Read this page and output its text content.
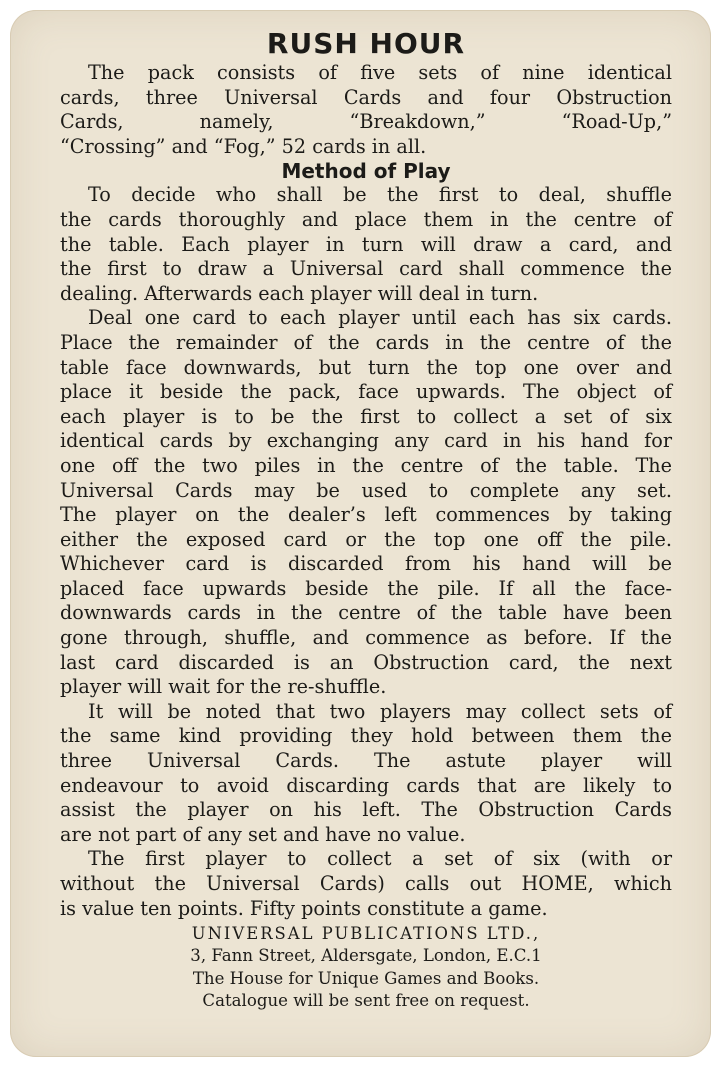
RUSH HOUR

The pack consists of five sets of nine identical
cards, three Universal Cards and four Obstruction
Cards, namely, “Breakdown,” “Road-Up,”
“Crossing” and “Fog,” 52 cards in all.

Method of Play

To decide who shall be the first to deal, shuffle
the cards thoroughly and place them in the centre of
the table. Each player in turn will draw a card, and
the first to draw a Universal card shall commence the
dealing. Afterwards each player will deal in turn.

Deal one card to each player until each has six cards.
Place the remainder of the cards in the centre of the
table face downwards, but turn the top one over and
place it beside the pack, face upwards. The object of
each player is to be the first to collect a set of six
identical cards by exchanging any card in his hand for
one off the two piles in the centre of the table. The
Universal Cards may be used to complete any set.
The player on the dealer’s left commences by taking
either the exposed card or the top one off the pile.
Whichever card is discarded from his hand will be
placed face upwards beside the pile. If all the face-
downwards cards in the centre of the table have been
gone through, shuffle, and commence as before. If the
last card discarded is an Obstruction card, the next
player will wait for the re-shuffle.

It will be noted that two players may collect sets of
the same kind providing they hold between them the
three Universal Cards. The astute player will
endeavour to avoid discarding cards that are likely to
assist the player on his left. The Obstruction Cards
are not part of any set and have no value.

The first player to collect a set of six (with or
without the Universal Cards) calls out HOME, which
is value ten points. Fifty points constitute a game.

UNIVERSAL PUBLICATIONS LTD.,
3, Fann Street, Aldersgate, London, E.C.1
The House for Unique Games and Books.
Catalogue will be sent free on request.
